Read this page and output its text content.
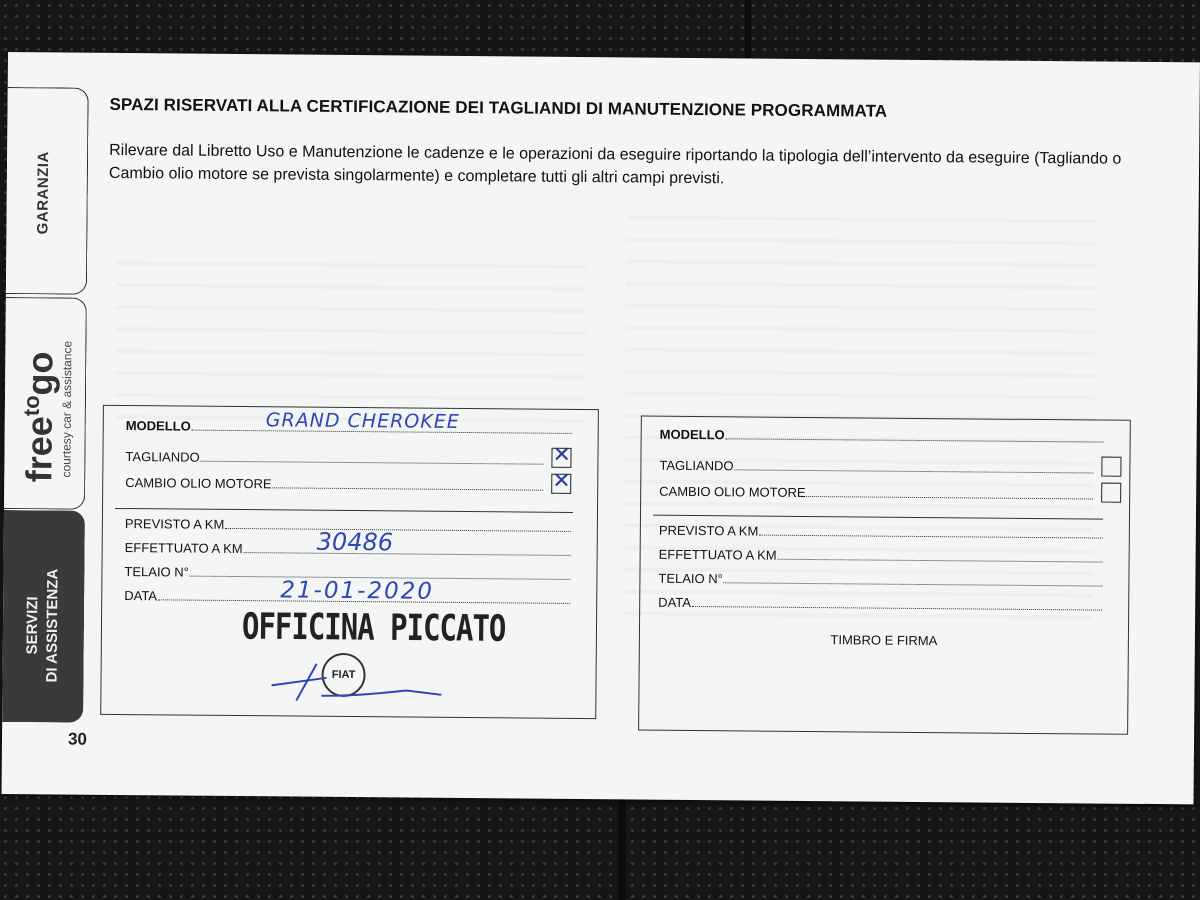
GARANZIA
free$^{to}$go
courtesy car & assistance
SERVIZI DI ASSISTENZA
30
SPAZI RISERVATI ALLA CERTIFICAZIONE DEI TAGLIANDI DI MANUTENZIONE PROGRAMMATA
Rilevare dal Libretto Uso e Manutenzione le cadenze e le operazioni da eseguire riportando la tipologia dell’intervento da eseguire (Tagliando o Cambio olio motore se prevista singolarmente) e completare tutti gli altri campi previsti.
MODELLO	GRAND CHEROKEE
TAGLIANDO	✕
CAMBIO OLIO MOTORE	✕
PREVISTO A KM
EFFETTUATO A KM	30486
TELAIO N°
DATA	21-01-2020
OFFICINA PICCATO
FIAT
MODELLO
TAGLIANDO
CAMBIO OLIO MOTORE
PREVISTO A KM
EFFETTUATO A KM
TELAIO N°
DATA
TIMBRO E FIRMA
